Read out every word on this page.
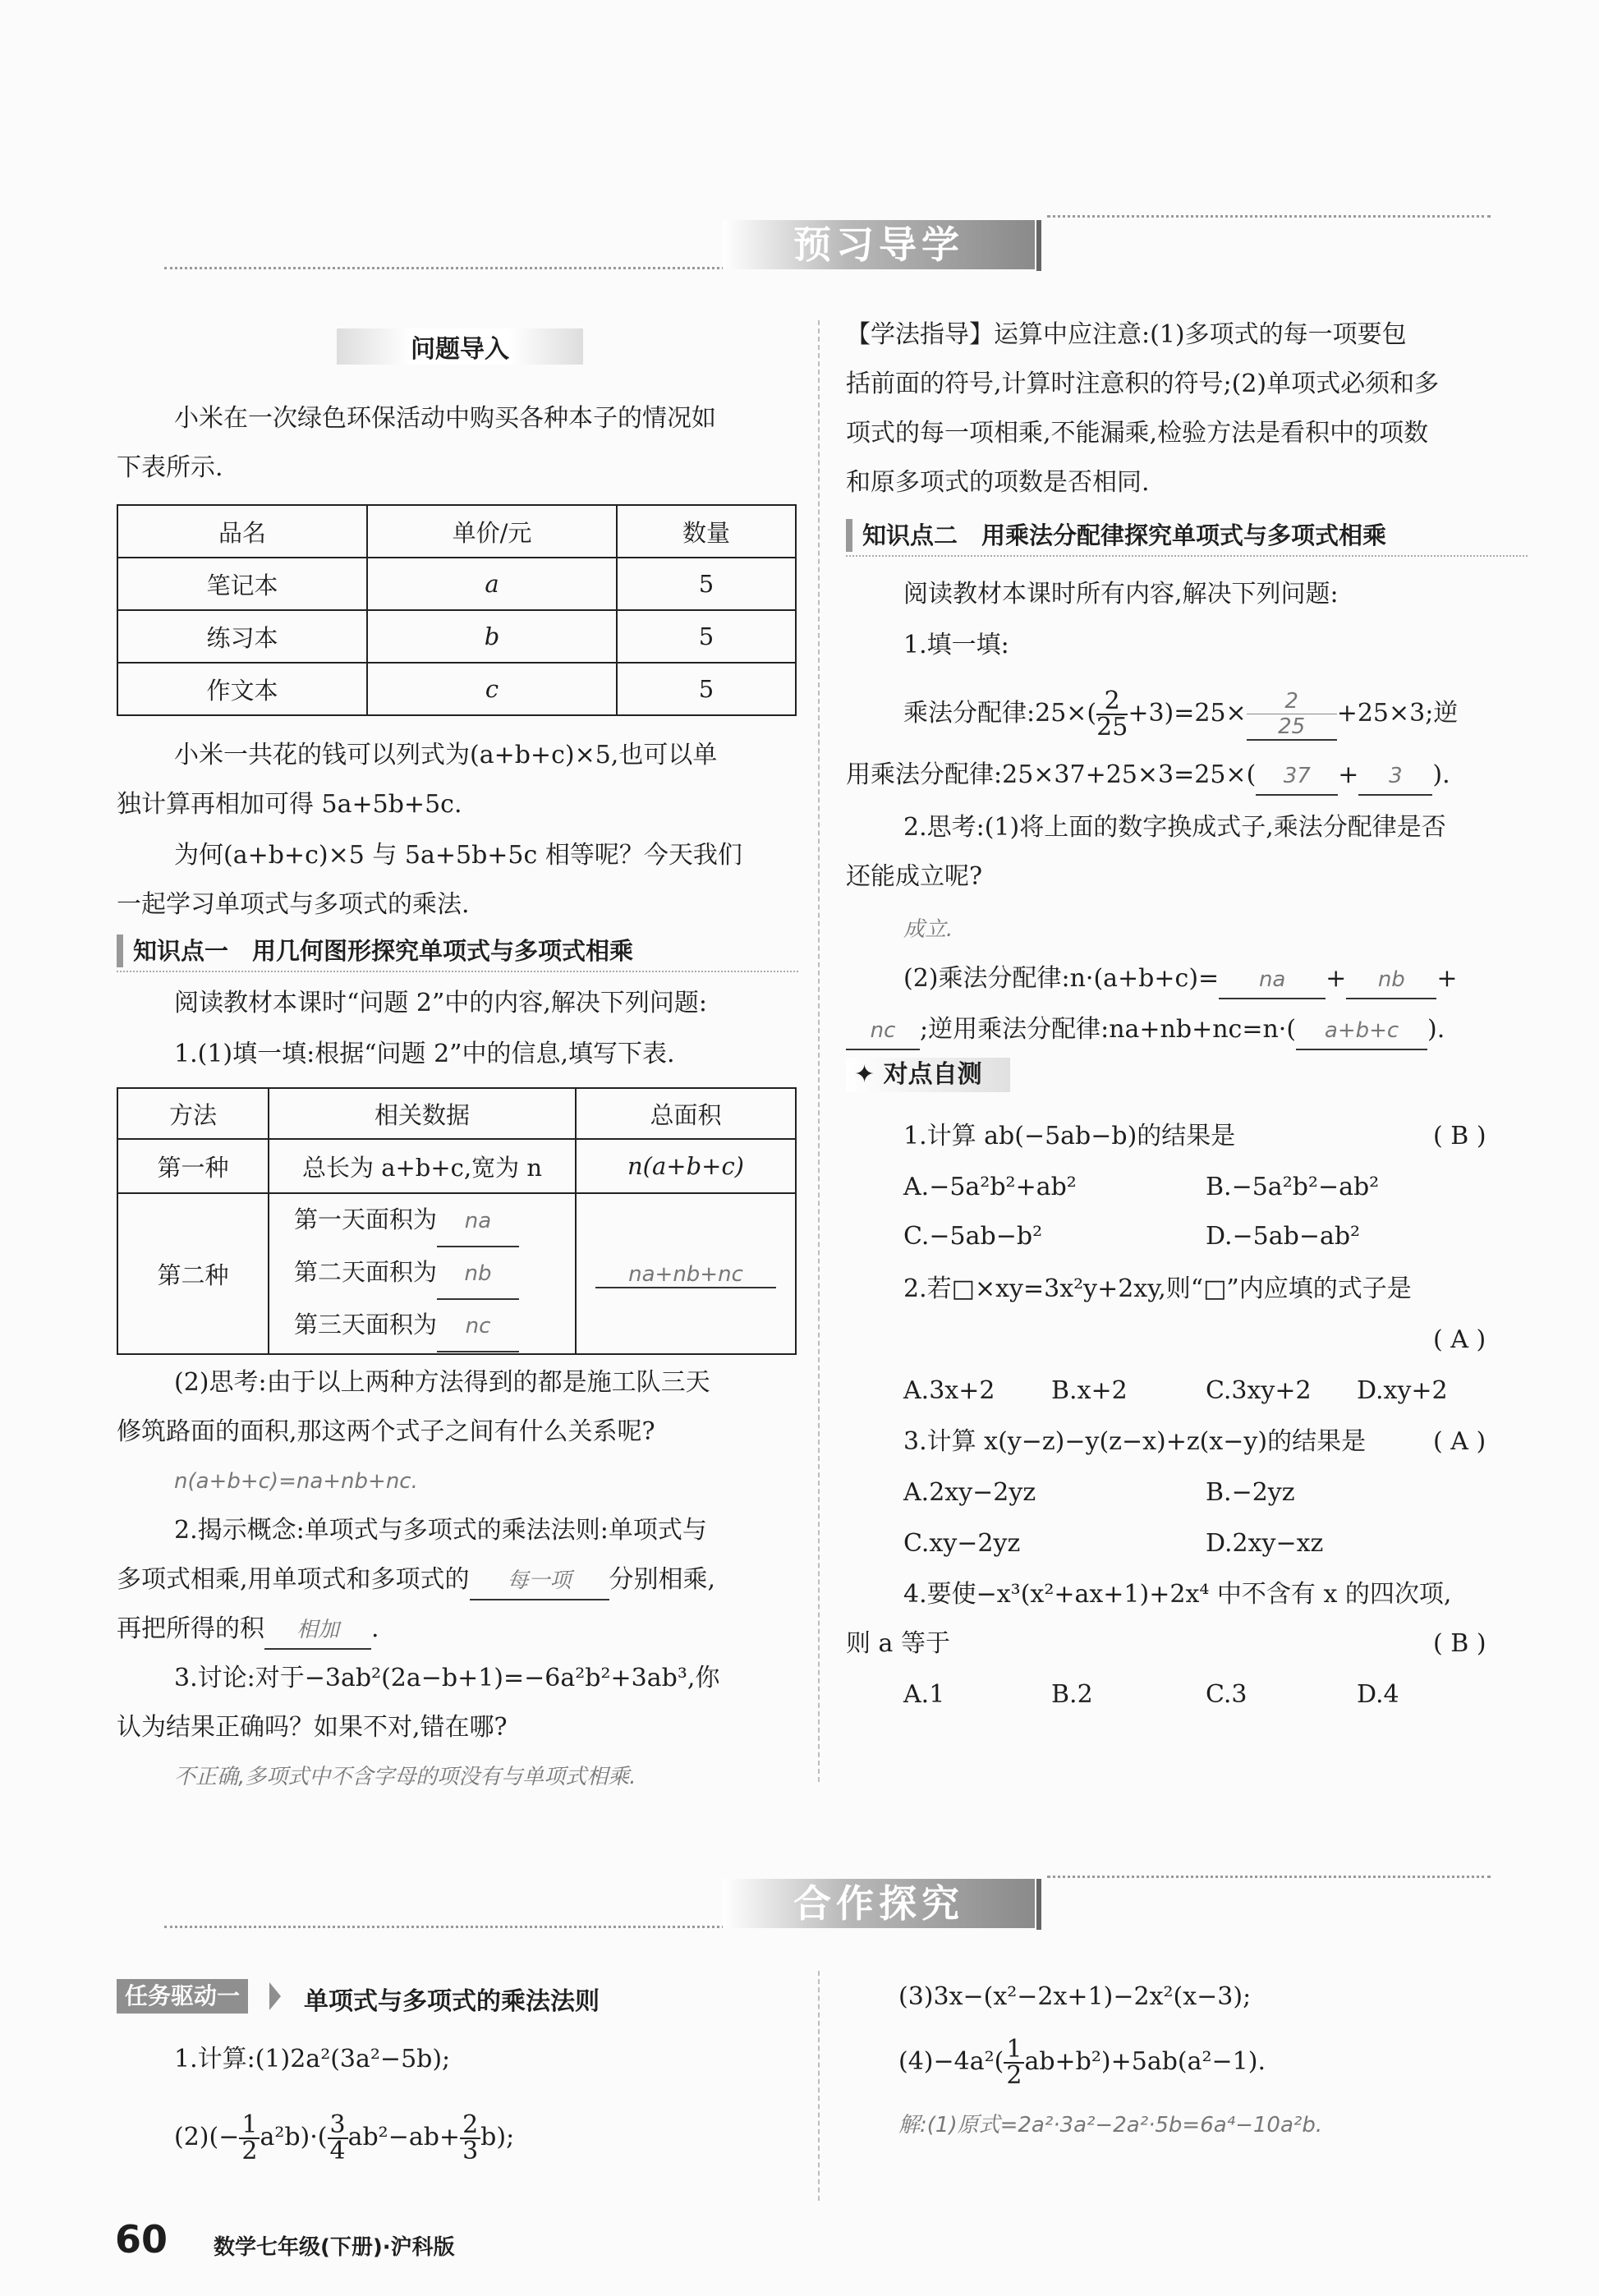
预习导学
问题导入
小米在一次绿色环保活动中购买各种本子的情况如
下表所示.
品名	单价/元	数量
笔记本	a	5
练习本	b	5
作文本	c	5
小米一共花的钱可以列式为(a+b+c)×5,也可以单
独计算再相加可得 5a+5b+5c.
为何(a+b+c)×5 与 5a+5b+5c 相等呢？今天我们
一起学习单项式与多项式的乘法.
知识点一　用几何图形探究单项式与多项式相乘
阅读教材本课时“问题 2”中的内容,解决下列问题:
1.(1)填一填:根据“问题 2”中的信息,填写下表.
方法	相关数据	总面积
第一种	总长为 a+b+c,宽为 n	n(a+b+c)
第二种	第一天面积为 na
第二天面积为 nb
第三天面积为 nc	na+nb+nc
(2)思考:由于以上两种方法得到的都是施工队三天
修筑路面的面积,那这两个式子之间有什么关系呢?
n(a+b+c)=na+nb+nc.
2.揭示概念:单项式与多项式的乘法法则:单项式与
多项式相乘,用单项式和多项式的 每一项 分别相乘,
再把所得的积 相加 .
3.讨论:对于−3ab²(2a−b+1)=−6a²b²+3ab³,你
认为结果正确吗？如果不对,错在哪?
不正确,多项式中不含字母的项没有与单项式相乘.
【学法指导】运算中应注意:(1)多项式的每一项要包
括前面的符号,计算时注意积的符号;(2)单项式必须和多
项式的每一项相乘,不能漏乘,检验方法是看积中的项数
和原多项式的项数是否相同.
知识点二　用乘法分配律探究单项式与多项式相乘
阅读教材本课时所有内容,解决下列问题:
1.填一填:
乘法分配律:25×( $\frac{2}{25} +3)=25\times \frac{2}{25} +25\times 3$;逆
用乘法分配律:25×37+25×3=25×( 37 + 3 ).
2.思考:(1)将上面的数字换成式子,乘法分配律是否
还能成立呢?
成立.
(2)乘法分配律:n·(a+b+c)= na + nb +
nc ;逆用乘法分配律:na+nb+nc=n·( a+b+c ).
✦ 对点自测
1.计算 ab(−5ab−b)的结果是	( B )
A.−5a²b²+ab²	B.−5a²b²−ab²
C.−5ab−b²	D.−5ab−ab²
2.若□×xy=3x²y+2xy,则“□”内应填的式子是
( A )
A.3x+2 B.x+2	C.3xy+2 D.xy+2
3.计算 x(y−z)−y(z−x)+z(x−y)的结果是	( A )
A.2xy−2yz	B.−2yz
C.xy−2yz	D.2xy−xz
4.要使−x³(x²+ax+1)+2x⁴ 中不含有 x 的四次项,
则 a 等于	( B )
A.1	B.2	C.3	D.4
合作探究
任务驱动一	单项式与多项式的乘法法则
1.计算:(1)2a²(3a²−5b);
$(2)(- \frac{1}{2} a^2b)\cdot( \frac{3}{4} ab^2-ab+ \frac{2}{3} b)$;
(3)3x−(x²−2x+1)−2x²(x−3);
$(4)-4a^2( \frac{1}{2} ab+b^2)+5ab(a^2-1)$.
解:(1)原式=2a²·3a²−2a²·5b=6a⁴−10a²b.
60 数学七年级(下册)·沪科版
